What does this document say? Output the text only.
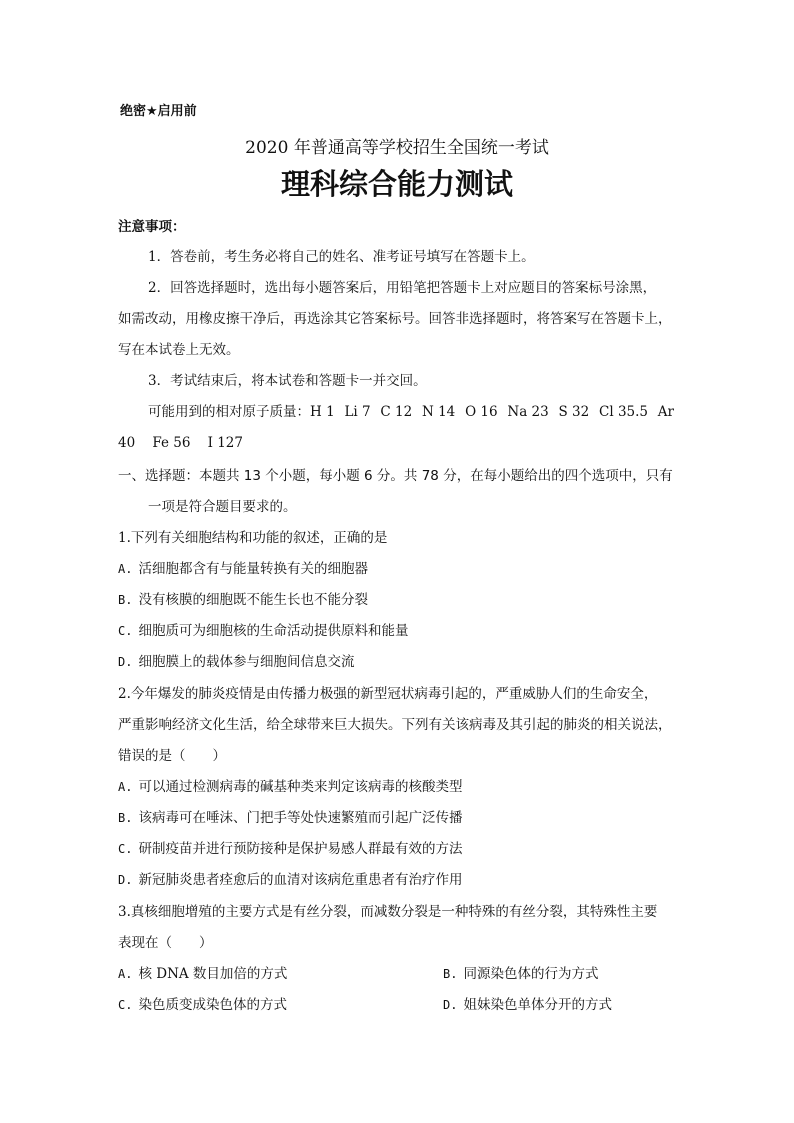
绝密★启用前
2020 年普通高等学校招生全国统一考试
理科综合能力测试
注意事项：
1．答卷前，考生务必将自己的姓名、准考证号填写在答题卡上。
2．回答选择题时，选出每小题答案后，用铅笔把答题卡上对应题目的答案标号涂黑，
如需改动，用橡皮擦干净后，再选涂其它答案标号。回答非选择题时，将答案写在答题卡上，
写在本试卷上无效。
3．考试结束后，将本试卷和答题卡一并交回。
可能用到的相对原子质量： H 1 Li 7 C 12 N 14 O 16 Na 23 S 32 Cl 35.5 Ar
40    Fe 56    I 127
一、选择题：本题共 13 个小题，每小题 6 分。共 78 分，在每小题给出的四个选项中，只有
一项是符合题目要求的。
1.下列有关细胞结构和功能的叙述，正确的是
A. 活细胞都含有与能量转换有关的细胞器
B. 没有核膜的细胞既不能生长也不能分裂
C. 细胞质可为细胞核的生命活动提供原料和能量
D. 细胞膜上的载体参与细胞间信息交流
2.今年爆发的肺炎疫情是由传播力极强的新型冠状病毒引起的，严重威胁人们的生命安全，
严重影响经济文化生活，给全球带来巨大损失。下列有关该病毒及其引起的肺炎的相关说法，
错误的是（　　）
A. 可以通过检测病毒的碱基种类来判定该病毒的核酸类型
B. 该病毒可在唾沫、门把手等处快速繁殖而引起广泛传播
C. 研制疫苗并进行预防接种是保护易感人群最有效的方法
D. 新冠肺炎患者痊愈后的血清对该病危重患者有治疗作用
3.真核细胞增殖的主要方式是有丝分裂，而减数分裂是一种特殊的有丝分裂，其特殊性主要
表现在（　　）
A. 核 DNA 数目加倍的方式	B. 同源染色体的行为方式
C. 染色质变成染色体的方式	D. 姐妹染色单体分开的方式
